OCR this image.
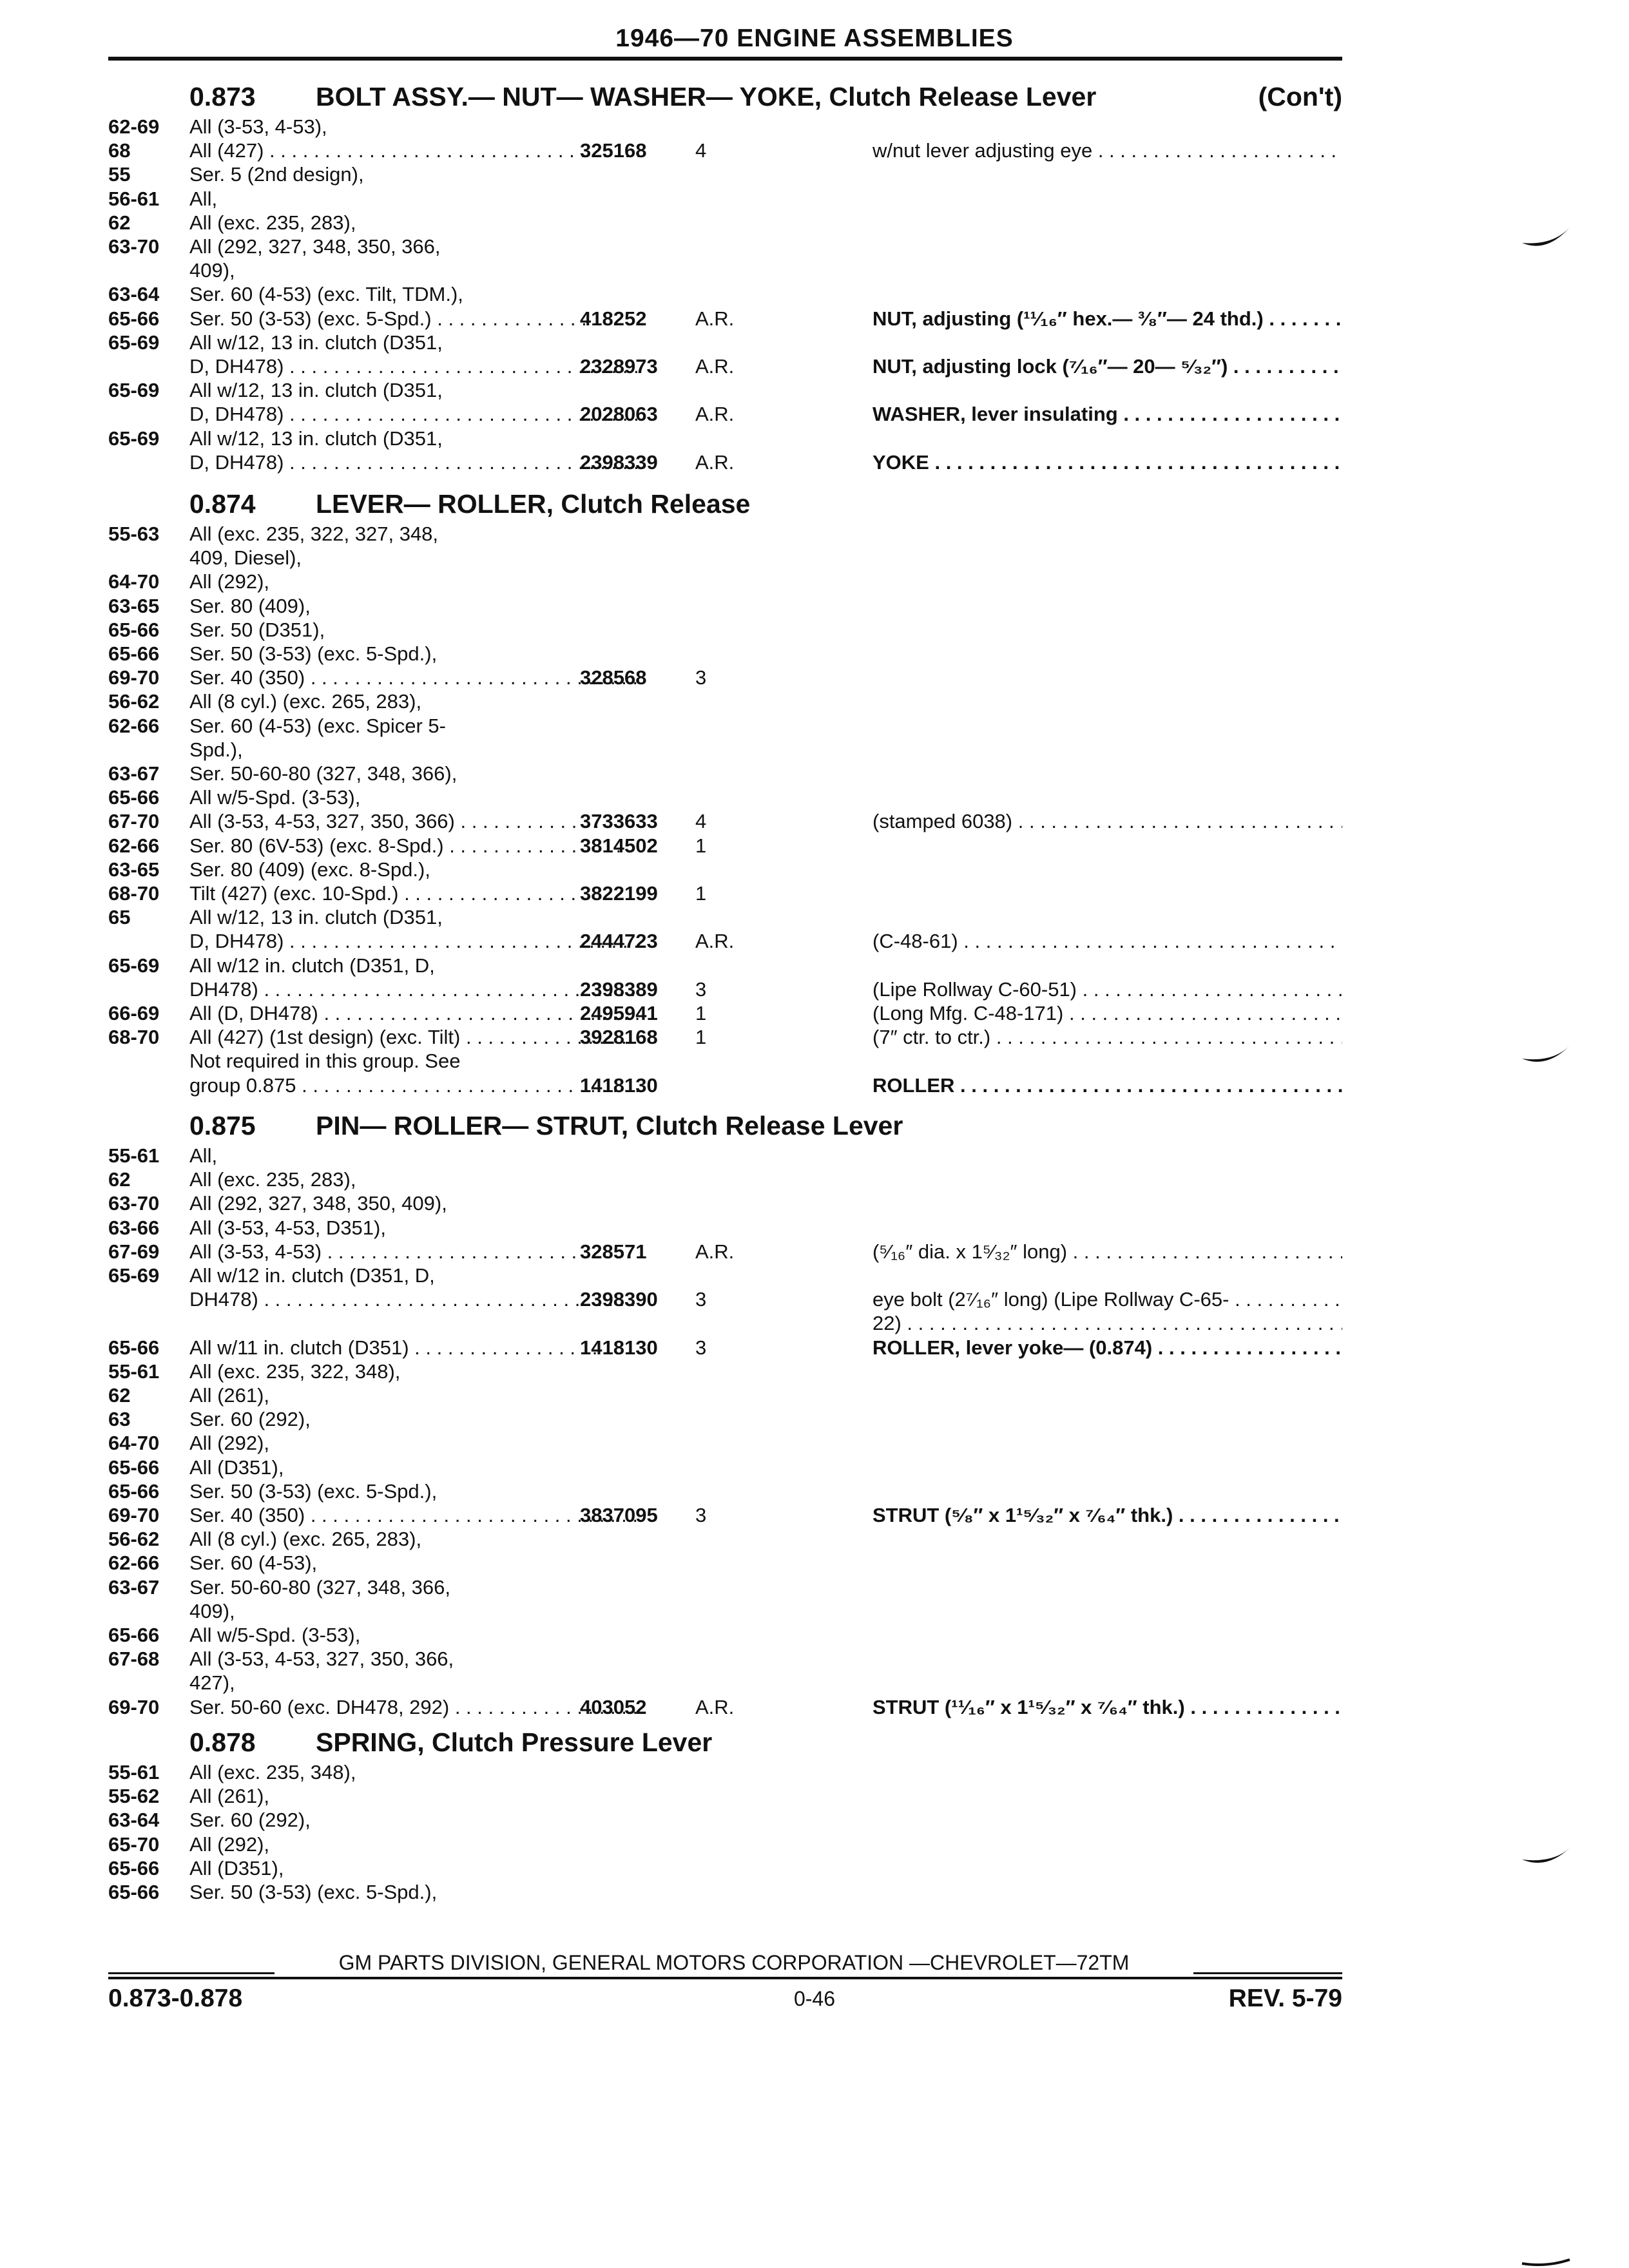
1946—70 ENGINE ASSEMBLIES
0.873 BOLT ASSY.— NUT— WASHER— YOKE, Clutch Release Lever	(Con't)
62-69 All (3-53, 4-53),
68	All (427) . . .	325168 4	w/nut lever adjusting eye . . .
55	Ser. 5 (2nd design),
56-61 All,
62	All (exc. 235, 283),
63-70 All (292, 327, 348, 350, 366,
409),
63-64 Ser. 60 (4-53) (exc. Tilt, TDM.),
65-66 Ser. 50 (3-53) (exc. 5-Spd.) . . .	418252 A.R.	NUT, adjusting (¹¹⁄₁₆″ hex.— ³⁄₈″— 24 thd.) . . .
65-69 All w/12, 13 in. clutch (D351,
D, DH478) . . .	2328973 A.R.	NUT, adjusting lock (⁷⁄₁₆″— 20— ⁵⁄₃₂″) . . .
65-69 All w/12, 13 in. clutch (D351,
D, DH478) . . .	2028063 A.R.	WASHER, lever insulating . . .
65-69 All w/12, 13 in. clutch (D351,
D, DH478) . . .	2398339 A.R.	YOKE . . .
0.874 LEVER— ROLLER, Clutch Release
55-63 All (exc. 235, 322, 327, 348,
409, Diesel),
64-70 All (292),
63-65 Ser. 80 (409),
65-66 Ser. 50 (D351),
65-66 Ser. 50 (3-53) (exc. 5-Spd.),
69-70 Ser. 40 (350) . . .	328568 3
56-62 All (8 cyl.) (exc. 265, 283),
62-66 Ser. 60 (4-53) (exc. Spicer 5-
Spd.),
63-67 Ser. 50-60-80 (327, 348, 366),
65-66 All w/5-Spd. (3-53),
67-70 All (3-53, 4-53, 327, 350, 366) . . .	3733633 4	(stamped 6038) . . .
62-66 Ser. 80 (6V-53) (exc. 8-Spd.) . . .	3814502 1
63-65 Ser. 80 (409) (exc. 8-Spd.),
68-70 Tilt (427) (exc. 10-Spd.) . . .	3822199 1
65	All w/12, 13 in. clutch (D351,
D, DH478) . . .	2444723 A.R.	(C-48-61) . . .
65-69 All w/12 in. clutch (D351, D,
DH478) . . .	2398389 3	(Lipe Rollway C-60-51) . . .
66-69 All (D, DH478) . . .	2495941 1	(Long Mfg. C-48-171) . . .
68-70 All (427) (1st design) (exc. Tilt) . . .	3928168 1	(7″ ctr. to ctr.) . . .
Not required in this group. See
group 0.875 . . .	1418130	ROLLER . . .
0.875 PIN— ROLLER— STRUT, Clutch Release Lever
55-61 All,
62	All (exc. 235, 283),
63-70 All (292, 327, 348, 350, 409),
63-66 All (3-53, 4-53, D351),
67-69 All (3-53, 4-53) . . .	328571 A.R.	(⁵⁄₁₆″ dia. x 1⁵⁄₃₂″ long) . . .
65-69 All w/12 in. clutch (D351, D,
DH478) . . .	2398390 3	eye bolt (2⁷⁄₁₆″ long) (Lipe Rollway C-65- . . .
22) . . .
65-66 All w/11 in. clutch (D351) . . .	1418130 3	ROLLER, lever yoke— (0.874) . . .
55-61 All (exc. 235, 322, 348),
62	All (261),
63	Ser. 60 (292),
64-70 All (292),
65-66 All (D351),
65-66 Ser. 50 (3-53) (exc. 5-Spd.),
69-70 Ser. 40 (350) . . .	3837095 3	STRUT (⁵⁄₈″ x 1¹⁵⁄₃₂″ x ⁷⁄₆₄″ thk.) . . .
56-62 All (8 cyl.) (exc. 265, 283),
62-66 Ser. 60 (4-53),
63-67 Ser. 50-60-80 (327, 348, 366,
409),
65-66 All w/5-Spd. (3-53),
67-68 All (3-53, 4-53, 327, 350, 366,
427),
69-70 Ser. 50-60 (exc. DH478, 292) . . .	403052 A.R.	STRUT (¹¹⁄₁₆″ x 1¹⁵⁄₃₂″ x ⁷⁄₆₄″ thk.) . . .
0.878 SPRING, Clutch Pressure Lever
55-61 All (exc. 235, 348),
55-62 All (261),
63-64 Ser. 60 (292),
65-70 All (292),
65-66 All (D351),
65-66 Ser. 50 (3-53) (exc. 5-Spd.),
GM PARTS DIVISION, GENERAL MOTORS CORPORATION —CHEVROLET—72TM
0.873-0.878	0-46	REV. 5-79
